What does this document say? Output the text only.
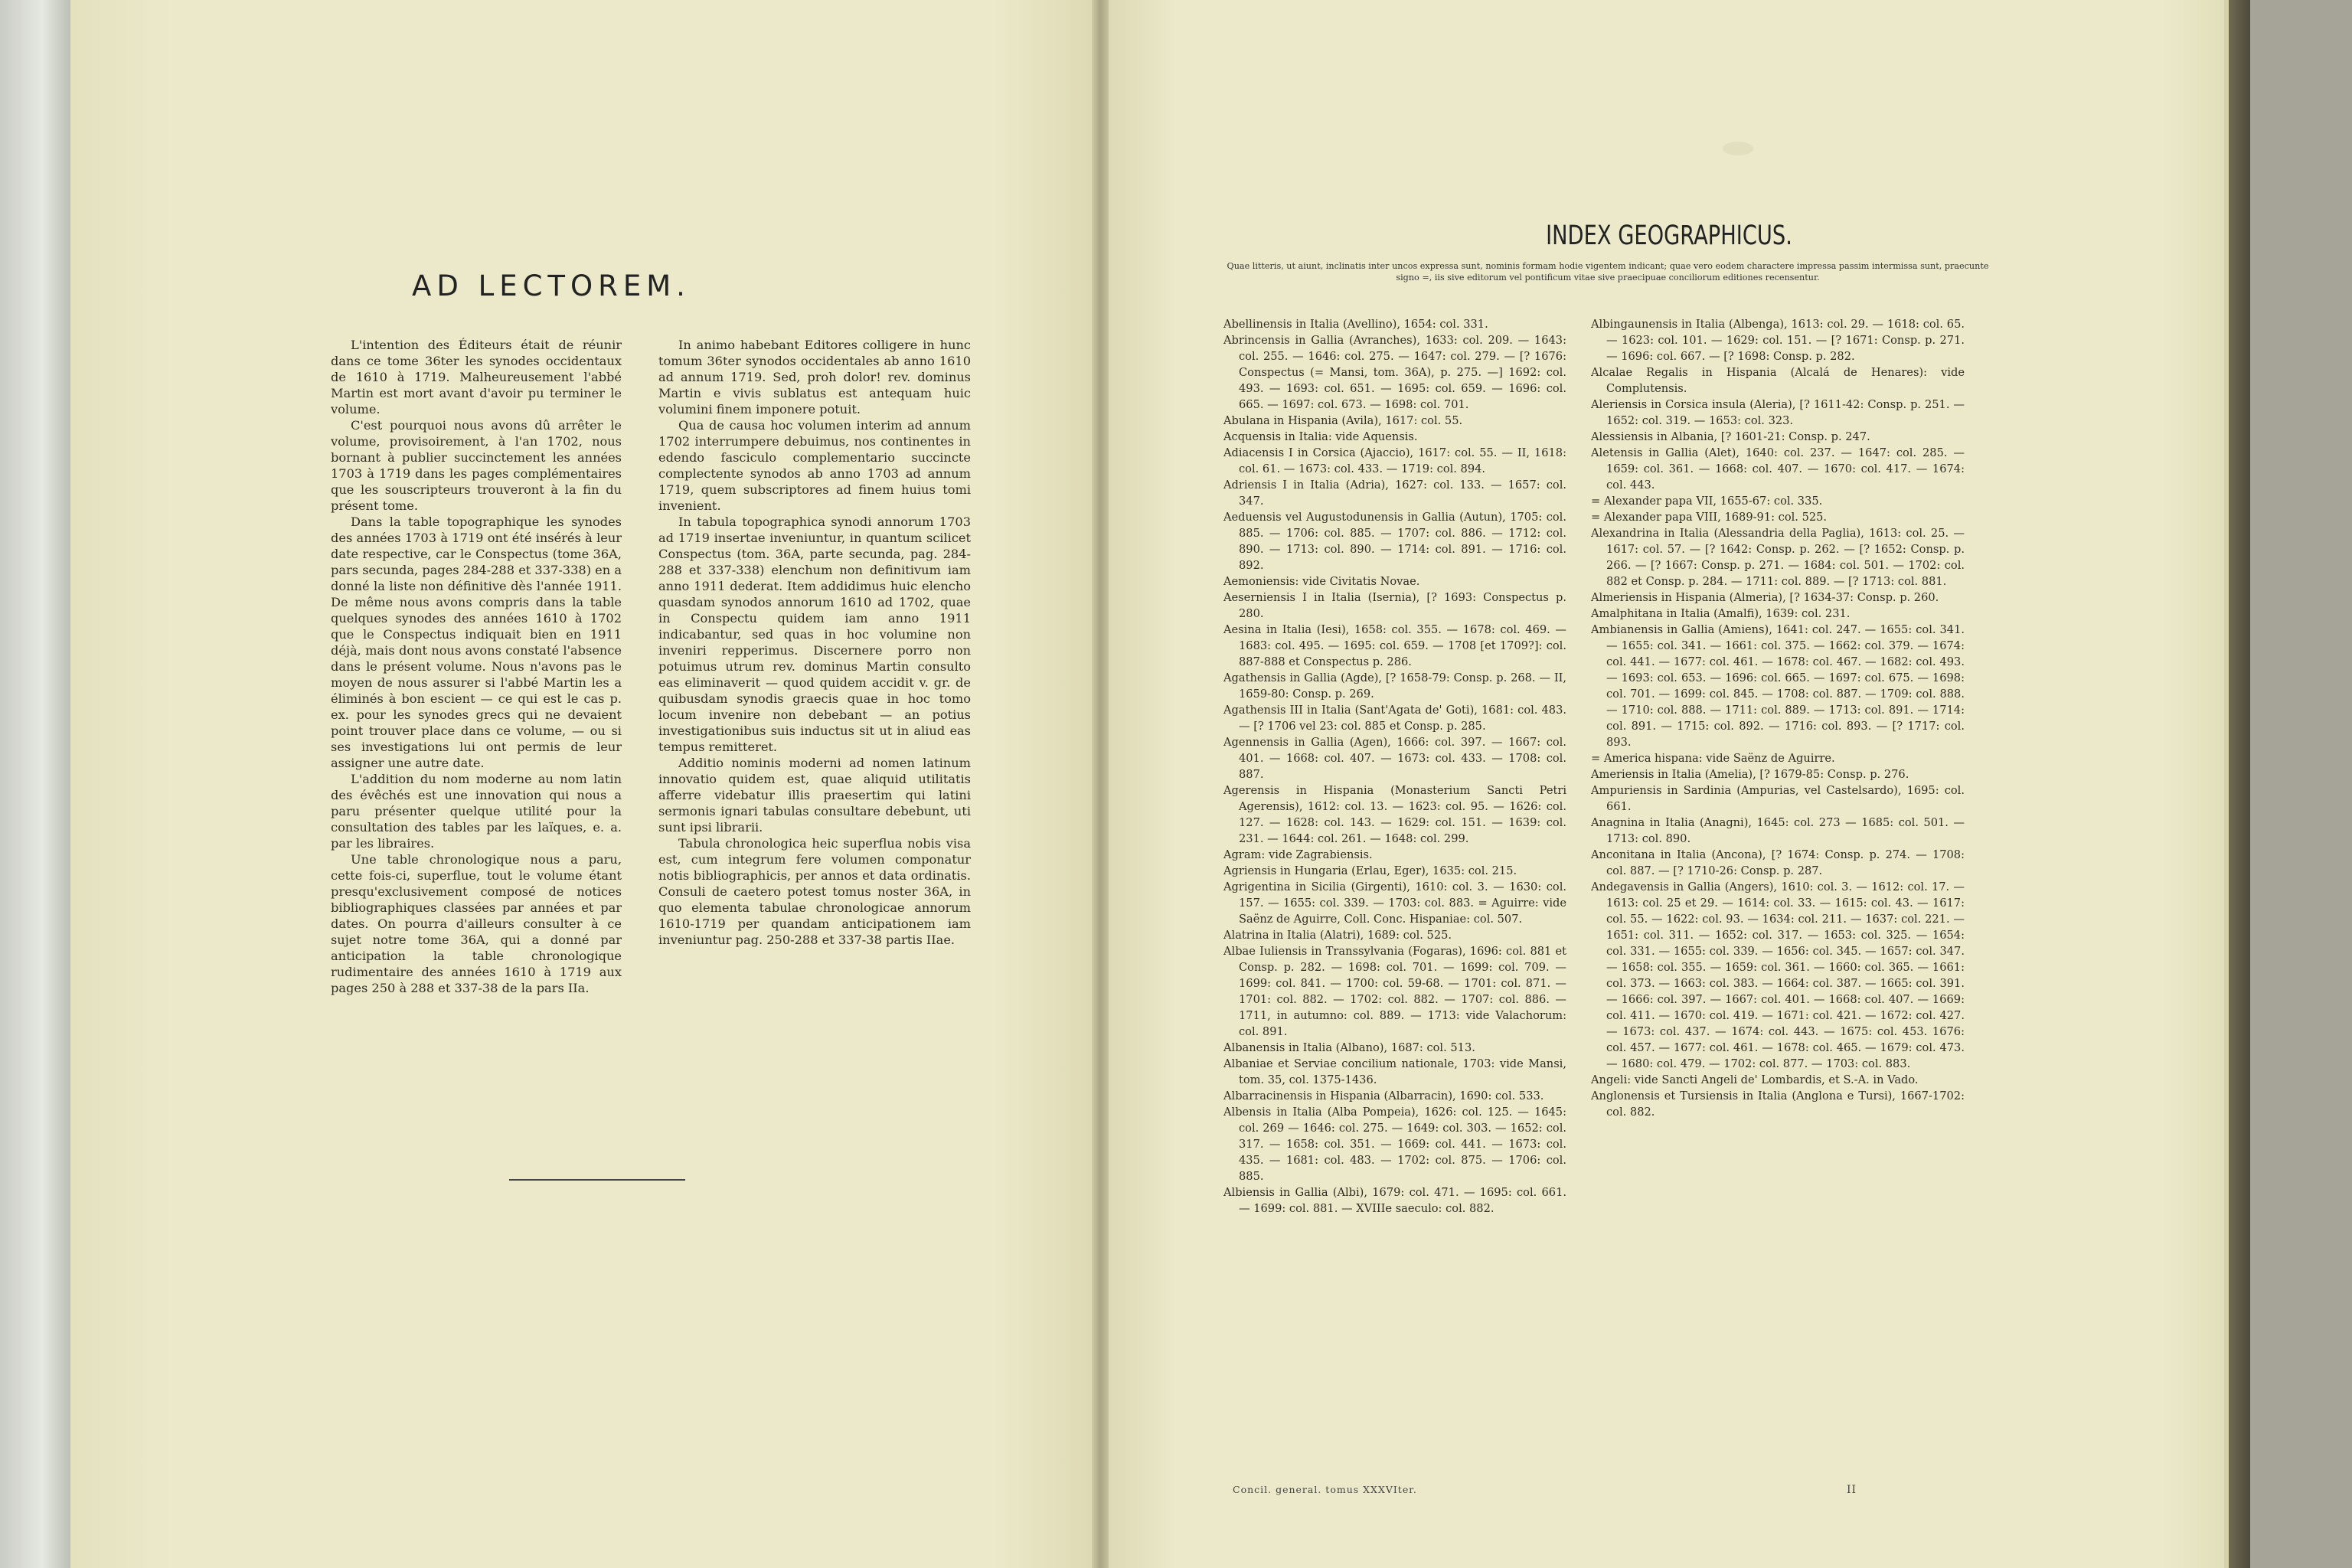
AD LECTOREM.

L'intention des Éditeurs était de réunir dans ce tome 36ter les synodes occidentaux de 1610 à 1719. Malheureusement l'abbé Martin est mort avant d'avoir pu terminer le volume.

C'est pourquoi nous avons dû arrêter le volume, provisoirement, à l'an 1702, nous bornant à publier succinctement les années 1703 à 1719 dans les pages complémentaires que les souscripteurs trouveront à la fin du présent tome.

Dans la table topographique les synodes des années 1703 à 1719 ont été insérés à leur date respective, car le Conspectus (tome 36A, pars secunda, pages 284-288 et 337-338) en a donné la liste non définitive dès l'année 1911. De même nous avons compris dans la table quelques synodes des années 1610 à 1702 que le Conspectus indiquait bien en 1911 déjà, mais dont nous avons constaté l'absence dans le présent volume. Nous n'avons pas le moyen de nous assurer si l'abbé Martin les a éliminés à bon escient — ce qui est le cas p. ex. pour les synodes grecs qui ne devaient point trouver place dans ce volume, — ou si ses investigations lui ont permis de leur assigner une autre date.

L'addition du nom moderne au nom latin des évêchés est une innovation qui nous a paru présenter quelque utilité pour la consultation des tables par les laïques, e. a. par les libraires.

Une table chronologique nous a paru, cette fois-ci, superflue, tout le volume étant presqu'exclusivement composé de notices bibliographiques classées par années et par dates. On pourra d'ailleurs consulter à ce sujet notre tome 36A, qui a donné par anticipation la table chronologique rudimentaire des années 1610 à 1719 aux pages 250 à 288 et 337-38 de la pars IIa.

In animo habebant Editores colligere in hunc tomum 36ter synodos occidentales ab anno 1610 ad annum 1719. Sed, proh dolor! rev. dominus Martin e vivis sublatus est antequam huic volumini finem imponere potuit.

Qua de causa hoc volumen interim ad annum 1702 interrumpere debuimus, nos continentes in edendo fasciculo complementario succincte complectente synodos ab anno 1703 ad annum 1719, quem subscriptores ad finem huius tomi invenient.

In tabula topographica synodi annorum 1703 ad 1719 insertae inveniuntur, in quantum scilicet Conspectus (tom. 36A, parte secunda, pag. 284-288 et 337-338) elenchum non definitivum iam anno 1911 dederat. Item addidimus huic elencho quasdam synodos annorum 1610 ad 1702, quae in Conspectu quidem iam anno 1911 indicabantur, sed quas in hoc volumine non inveniri repperimus. Discernere porro non potuimus utrum rev. dominus Martin consulto eas eliminaverit — quod quidem accidit v. gr. de quibusdam synodis graecis quae in hoc tomo locum invenire non debebant — an potius investigationibus suis inductus sit ut in aliud eas tempus remitteret.

Additio nominis moderni ad nomen latinum innovatio quidem est, quae aliquid utilitatis afferre videbatur illis praesertim qui latini sermonis ignari tabulas consultare debebunt, uti sunt ipsi librarii.

Tabula chronologica heic superflua nobis visa est, cum integrum fere volumen componatur notis bibliographicis, per annos et data ordinatis. Consuli de caetero potest tomus noster 36A, in quo elementa tabulae chronologicae annorum 1610-1719 per quandam anticipationem iam inveniuntur pag. 250-288 et 337-38 partis IIae.

INDEX GEOGRAPHICUS.
Quae litteris, ut aiunt, inclinatis inter uncos expressa sunt, nominis formam hodie vigentem indicant; quae vero eodem charactere impressa passim intermissa sunt, praecunte signo =, iis sive editorum vel pontificum vitae sive praecipuae conciliorum editiones recensentur.

Abellinensis in Italia (Avellino), 1654: col. 331.

Abrincensis in Gallia (Avranches), 1633: col. 209. — 1643: col. 255. — 1646: col. 275. — 1647: col. 279. — [? 1676: Conspectus (= Mansi, tom. 36A), p. 275. —] 1692: col. 493. — 1693: col. 651. — 1695: col. 659. — 1696: col. 665. — 1697: col. 673. — 1698: col. 701.

Abulana in Hispania (Avila), 1617: col. 55.

Acquensis in Italia: vide Aquensis.

Adiacensis I in Corsica (Ajaccio), 1617: col. 55. — II, 1618: col. 61. — 1673: col. 433. — 1719: col. 894.

Adriensis I in Italia (Adria), 1627: col. 133. — 1657: col. 347.

Aeduensis vel Augustodunensis in Gallia (Autun), 1705: col. 885. — 1706: col. 885. — 1707: col. 886. — 1712: col. 890. — 1713: col. 890. — 1714: col. 891. — 1716: col. 892.

Aemoniensis: vide Civitatis Novae.

Aeserniensis I in Italia (Isernia), [? 1693: Conspectus p. 280.

Aesina in Italia (Iesi), 1658: col. 355. — 1678: col. 469. — 1683: col. 495. — 1695: col. 659. — 1708 [et 1709?]: col. 887-888 et Conspectus p. 286.

Agathensis in Gallia (Agde), [? 1658-79: Consp. p. 268. — II, 1659-80: Consp. p. 269.

Agathensis III in Italia (Sant'Agata de' Goti), 1681: col. 483. — [? 1706 vel 23: col. 885 et Consp. p. 285.

Agennensis in Gallia (Agen), 1666: col. 397. — 1667: col. 401. — 1668: col. 407. — 1673: col. 433. — 1708: col. 887.

Agerensis in Hispania (Monasterium Sancti Petri Agerensis), 1612: col. 13. — 1623: col. 95. — 1626: col. 127. — 1628: col. 143. — 1629: col. 151. — 1639: col. 231. — 1644: col. 261. — 1648: col. 299.

Agram: vide Zagrabiensis.

Agriensis in Hungaria (Erlau, Eger), 1635: col. 215.

Agrigentina in Sicilia (Girgenti), 1610: col. 3. — 1630: col. 157. — 1655: col. 339. — 1703: col. 883. = Aguirre: vide Saënz de Aguirre, Coll. Conc. Hispaniae: col. 507.

Alatrina in Italia (Alatri), 1689: col. 525.

Albae Iuliensis in Transsylvania (Fogaras), 1696: col. 881 et Consp. p. 282. — 1698: col. 701. — 1699: col. 709. — 1699: col. 841. — 1700: col. 59-68. — 1701: col. 871. — 1701: col. 882. — 1702: col. 882. — 1707: col. 886. — 1711, in autumno: col. 889. — 1713: vide Valachorum: col. 891.

Albanensis in Italia (Albano), 1687: col. 513.

Albaniae et Serviae concilium nationale, 1703: vide Mansi, tom. 35, col. 1375-1436.

Albarracinensis in Hispania (Albarracin), 1690: col. 533.

Albensis in Italia (Alba Pompeia), 1626: col. 125. — 1645: col. 269 — 1646: col. 275. — 1649: col. 303. — 1652: col. 317. — 1658: col. 351. — 1669: col. 441. — 1673: col. 435. — 1681: col. 483. — 1702: col. 875. — 1706: col. 885.

Albiensis in Gallia (Albi), 1679: col. 471. — 1695: col. 661. — 1699: col. 881. — XVIIIe saeculo: col. 882.

Albingaunensis in Italia (Albenga), 1613: col. 29. — 1618: col. 65. — 1623: col. 101. — 1629: col. 151. — [? 1671: Consp. p. 271. — 1696: col. 667. — [? 1698: Consp. p. 282.

Alcalae Regalis in Hispania (Alcalá de Henares): vide Complutensis.

Aleriensis in Corsica insula (Aleria), [? 1611-42: Consp. p. 251. — 1652: col. 319. — 1653: col. 323.

Alessiensis in Albania, [? 1601-21: Consp. p. 247.

Aletensis in Gallia (Alet), 1640: col. 237. — 1647: col. 285. — 1659: col. 361. — 1668: col. 407. — 1670: col. 417. — 1674: col. 443.

= Alexander papa VII, 1655-67: col. 335.

= Alexander papa VIII, 1689-91: col. 525.

Alexandrina in Italia (Alessandria della Paglia), 1613: col. 25. — 1617: col. 57. — [? 1642: Consp. p. 262. — [? 1652: Consp. p. 266. — [? 1667: Consp. p. 271. — 1684: col. 501. — 1702: col. 882 et Consp. p. 284. — 1711: col. 889. — [? 1713: col. 881.

Almeriensis in Hispania (Almeria), [? 1634-37: Consp. p. 260.

Amalphitana in Italia (Amalfi), 1639: col. 231.

Ambianensis in Gallia (Amiens), 1641: col. 247. — 1655: col. 341. — 1655: col. 341. — 1661: col. 375. — 1662: col. 379. — 1674: col. 441. — 1677: col. 461. — 1678: col. 467. — 1682: col. 493. — 1693: col. 653. — 1696: col. 665. — 1697: col. 675. — 1698: col. 701. — 1699: col. 845. — 1708: col. 887. — 1709: col. 888. — 1710: col. 888. — 1711: col. 889. — 1713: col. 891. — 1714: col. 891. — 1715: col. 892. — 1716: col. 893. — [? 1717: col. 893.

= America hispana: vide Saënz de Aguirre.

Ameriensis in Italia (Amelia), [? 1679-85: Consp. p. 276.

Ampuriensis in Sardinia (Ampurias, vel Castelsardo), 1695: col. 661.

Anagnina in Italia (Anagni), 1645: col. 273 — 1685: col. 501. — 1713: col. 890.

Anconitana in Italia (Ancona), [? 1674: Consp. p. 274. — 1708: col. 887. — [? 1710-26: Consp. p. 287.

Andegavensis in Gallia (Angers), 1610: col. 3. — 1612: col. 17. — 1613: col. 25 et 29. — 1614: col. 33. — 1615: col. 43. — 1617: col. 55. — 1622: col. 93. — 1634: col. 211. — 1637: col. 221. — 1651: col. 311. — 1652: col. 317. — 1653: col. 325. — 1654: col. 331. — 1655: col. 339. — 1656: col. 345. — 1657: col. 347. — 1658: col. 355. — 1659: col. 361. — 1660: col. 365. — 1661: col. 373. — 1663: col. 383. — 1664: col. 387. — 1665: col. 391. — 1666: col. 397. — 1667: col. 401. — 1668: col. 407. — 1669: col. 411. — 1670: col. 419. — 1671: col. 421. — 1672: col. 427. — 1673: col. 437. — 1674: col. 443. — 1675: col. 453. 1676: col. 457. — 1677: col. 461. — 1678: col. 465. — 1679: col. 473. — 1680: col. 479. — 1702: col. 877. — 1703: col. 883.

Angeli: vide Sancti Angeli de' Lombardis, et S.-A. in Vado.

Anglonensis et Tursiensis in Italia (Anglona e Tursi), 1667-1702: col. 882.

Concil. general. tomus XXXVIter.	II
